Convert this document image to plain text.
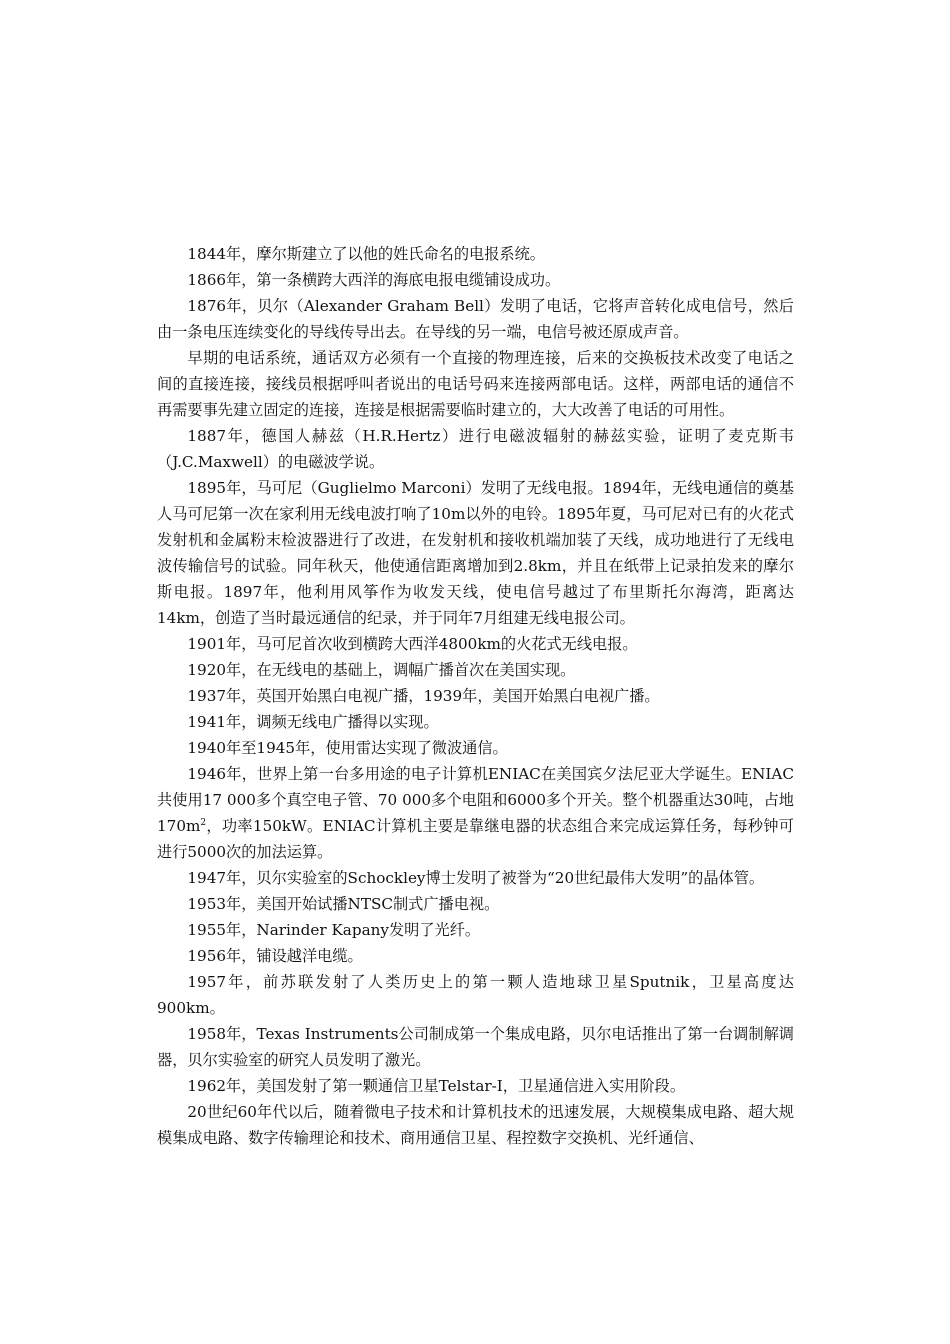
1844年，摩尔斯建立了以他的姓氏命名的电报系统。

1866年，第一条横跨大西洋的海底电报电缆铺设成功。

1876年，贝尔（Alexander Graham Bell）发明了电话，它将声音转化成电信号，然后由一条电压连续变化的导线传导出去。在导线的另一端，电信号被还原成声音。

早期的电话系统，通话双方必须有一个直接的物理连接，后来的交换板技术改变了电话之间的直接连接，接线员根据呼叫者说出的电话号码来连接两部电话。这样，两部电话的通信不再需要事先建立固定的连接，连接是根据需要临时建立的，大大改善了电话的可用性。

1887年，德国人赫兹（H.R.Hertz）进行电磁波辐射的赫兹实验，证明了麦克斯韦（J.C.Maxwell）的电磁波学说。

1895年，马可尼（Guglielmo Marconi）发明了无线电报。1894年，无线电通信的奠基人马可尼第一次在家利用无线电波打响了10m以外的电铃。1895年夏，马可尼对已有的火花式发射机和金属粉末检波器进行了改进，在发射机和接收机端加装了天线，成功地进行了无线电波传输信号的试验。同年秋天，他使通信距离增加到2.8km，并且在纸带上记录拍发来的摩尔斯电报。1897年，他利用风筝作为收发天线，使电信号越过了布里斯托尔海湾，距离达14km，创造了当时最远通信的纪录，并于同年7月组建无线电报公司。

1901年，马可尼首次收到横跨大西洋4800km的火花式无线电报。

1920年，在无线电的基础上，调幅广播首次在美国实现。

1937年，英国开始黑白电视广播，1939年，美国开始黑白电视广播。

1941年，调频无线电广播得以实现。

1940年至1945年，使用雷达实现了微波通信。

1946年，世界上第一台多用途的电子计算机ENIAC在美国宾夕法尼亚大学诞生。ENIAC共使用17 000多个真空电子管、70 000多个电阻和6000多个开关。整个机器重达30吨，占地$170m^2$，功率150kW。ENIAC计算机主要是靠继电器的状态组合来完成运算任务，每秒钟可进行5000次的加法运算。

1947年，贝尔实验室的Schockley博士发明了被誉为“20世纪最伟大发明”的晶体管。

1953年，美国开始试播NTSC制式广播电视。

1955年，Narinder Kapany发明了光纤。

1956年，铺设越洋电缆。

1957年，前苏联发射了人类历史上的第一颗人造地球卫星Sputnik，卫星高度达900km。

1958年，Texas Instruments公司制成第一个集成电路，贝尔电话推出了第一台调制解调器，贝尔实验室的研究人员发明了激光。

1962年，美国发射了第一颗通信卫星Telstar-I，卫星通信进入实用阶段。

20世纪60年代以后，随着微电子技术和计算机技术的迅速发展，大规模集成电路、超大规模集成电路、数字传输理论和技术、商用通信卫星、程控数字交换机、光纤通信、
